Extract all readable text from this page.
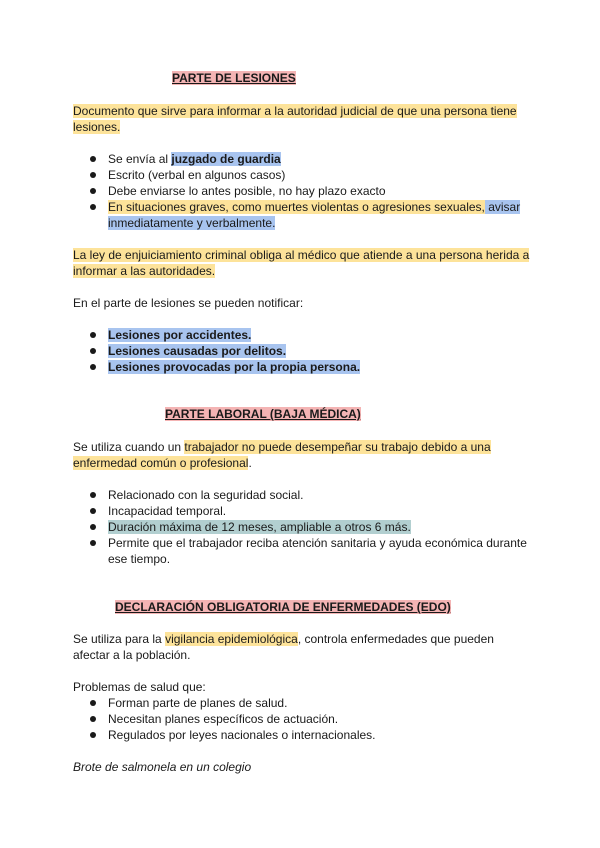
PARTE DE LESIONES

Documento que sirve para informar a la autoridad judicial de que una persona tiene lesiones.

Se envía al juzgado de guardia
Escrito (verbal en algunos casos)
Debe enviarse lo antes posible, no hay plazo exacto
En situaciones graves, como muertes violentas o agresiones sexuales, avisar inmediatamente y verbalmente.

La ley de enjuiciamiento criminal obliga al médico que atiende a una persona herida a informar a las autoridades.

En el parte de lesiones se pueden notificar:

Lesiones por accidentes.
Lesiones causadas por delitos.
Lesiones provocadas por la propia persona.
PARTE LABORAL (BAJA MÉDICA)

Se utiliza cuando un trabajador no puede desempeñar su trabajo debido a una enfermedad común o profesional.

Relacionado con la seguridad social.
Incapacidad temporal.
Duración máxima de 12 meses, ampliable a otros 6 más.
Permite que el trabajador reciba atención sanitaria y ayuda económica durante ese tiempo.
DECLARACIÓN OBLIGATORIA DE ENFERMEDADES (EDO)

Se utiliza para la vigilancia epidemiológica, controla enfermedades que pueden afectar a la población.

Problemas de salud que:

Forman parte de planes de salud.
Necesitan planes específicos de actuación.
Regulados por leyes nacionales o internacionales.

Brote de salmonela en un colegio
